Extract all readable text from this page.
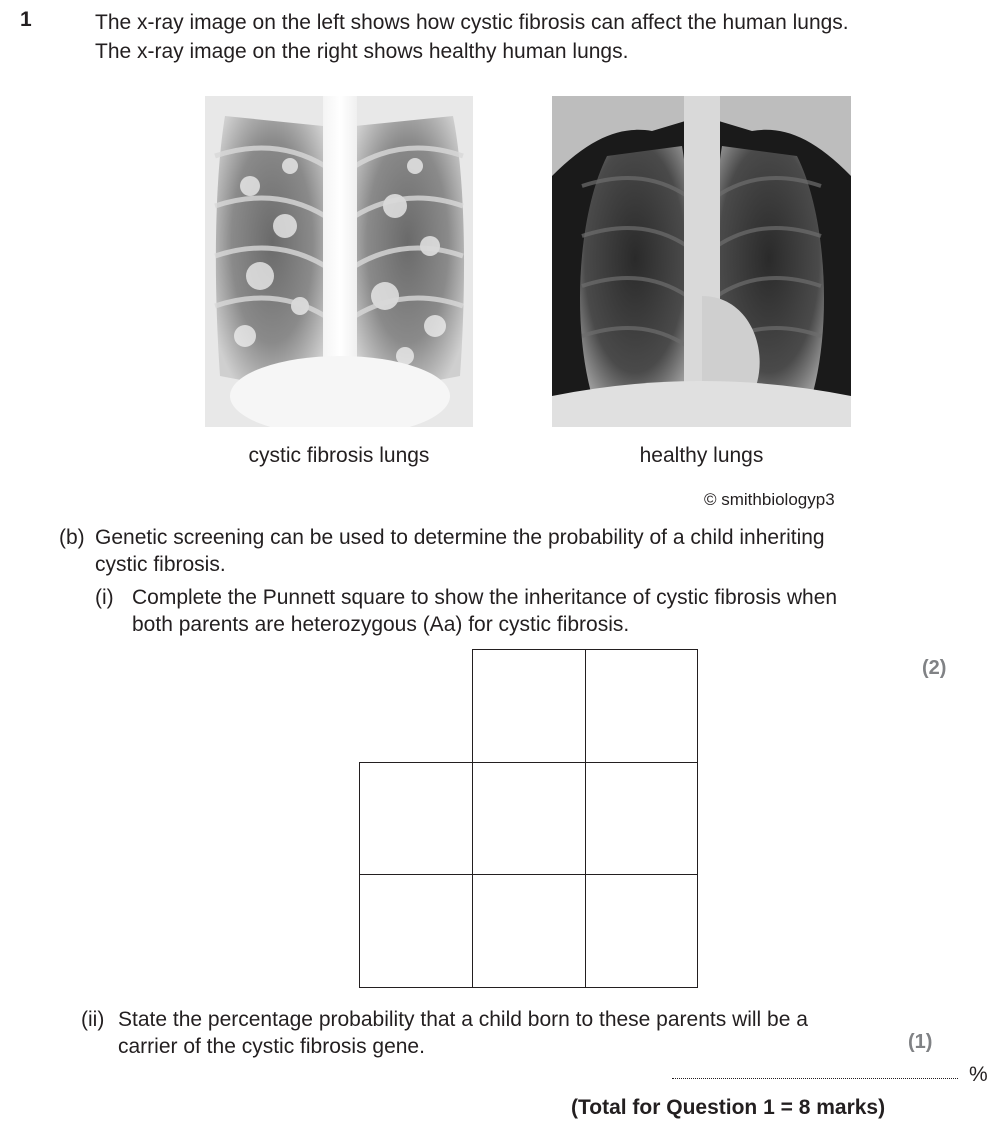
1	The x-ray image on the left shows how cystic fibrosis can affect the human lungs.
The x-ray image on the right shows healthy human lungs.
cystic fibrosis lungs	healthy lungs
© smithbiologyp3
(b) Genetic screening can be used to determine the probability of a child inheriting
cystic fibrosis.
(i) Complete the Punnett square to show the inheritance of cystic fibrosis when
both parents are heterozygous (Aa) for cystic fibrosis.
(2)
(ii) State the percentage probability that a child born to these parents will be a
carrier of the cystic fibrosis gene.	(1)
%
(Total for Question 1 = 8 marks)
